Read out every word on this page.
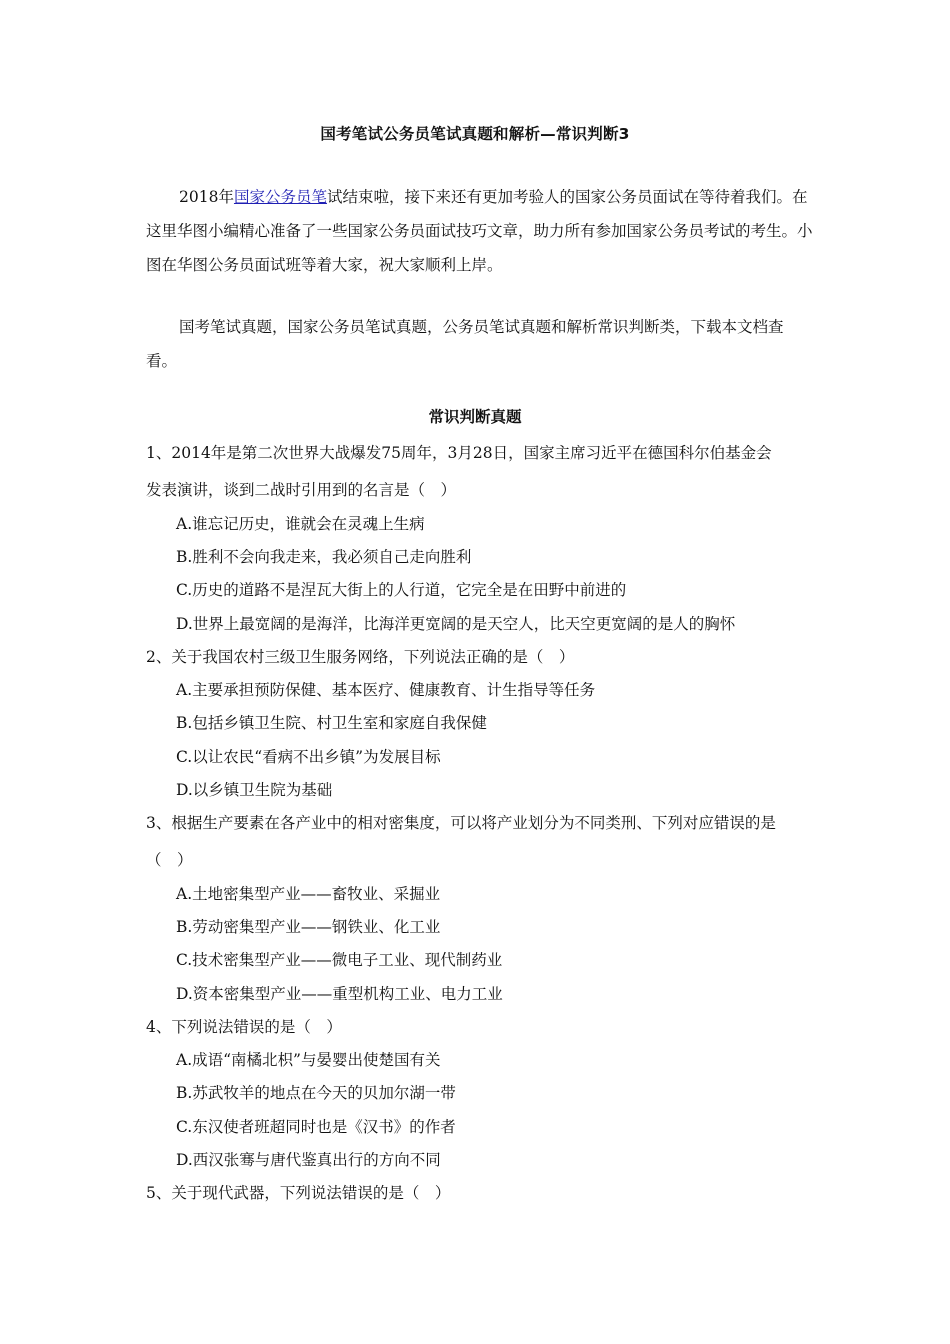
国考笔试公务员笔试真题和解析—常识判断3
2018年国家公务员笔试结束啦，接下来还有更加考验人的国家公务员面试在等待着我们。在这里华图小编精心准备了一些国家公务员面试技巧文章，助力所有参加国家公务员考试的考生。小图在华图公务员面试班等着大家，祝大家顺利上岸。
国考笔试真题，国家公务员笔试真题，公务员笔试真题和解析常识判断类，下载本文档查看。
常识判断真题
1、2014年是第二次世界大战爆发75周年，3月28日，国家主席习近平在德国科尔伯基金会
发表演讲，谈到二战时引用到的名言是（　）
A.谁忘记历史，谁就会在灵魂上生病
B.胜利不会向我走来，我必须自己走向胜利
C.历史的道路不是涅瓦大街上的人行道，它完全是在田野中前进的
D.世界上最宽阔的是海洋，比海洋更宽阔的是天空人，比天空更宽阔的是人的胸怀
2、关于我国农村三级卫生服务网络，下列说法正确的是（　）
A.主要承担预防保健、基本医疗、健康教育、计生指导等任务
B.包括乡镇卫生院、村卫生室和家庭自我保健
C.以让农民“看病不出乡镇”为发展目标
D.以乡镇卫生院为基础
3、根据生产要素在各产业中的相对密集度，可以将产业划分为不同类刑、下列对应错误的是
（　）
A.土地密集型产业——畜牧业、采掘业
B.劳动密集型产业——钢铁业、化工业
C.技术密集型产业——微电子工业、现代制药业
D.资本密集型产业——重型机构工业、电力工业
4、下列说法错误的是（　）
A.成语“南橘北枳”与晏婴出使楚国有关
B.苏武牧羊的地点在今天的贝加尔湖一带
C.东汉使者班超同时也是《汉书》的作者
D.西汉张骞与唐代鉴真出行的方向不同
5、关于现代武器，下列说法错误的是（　）
